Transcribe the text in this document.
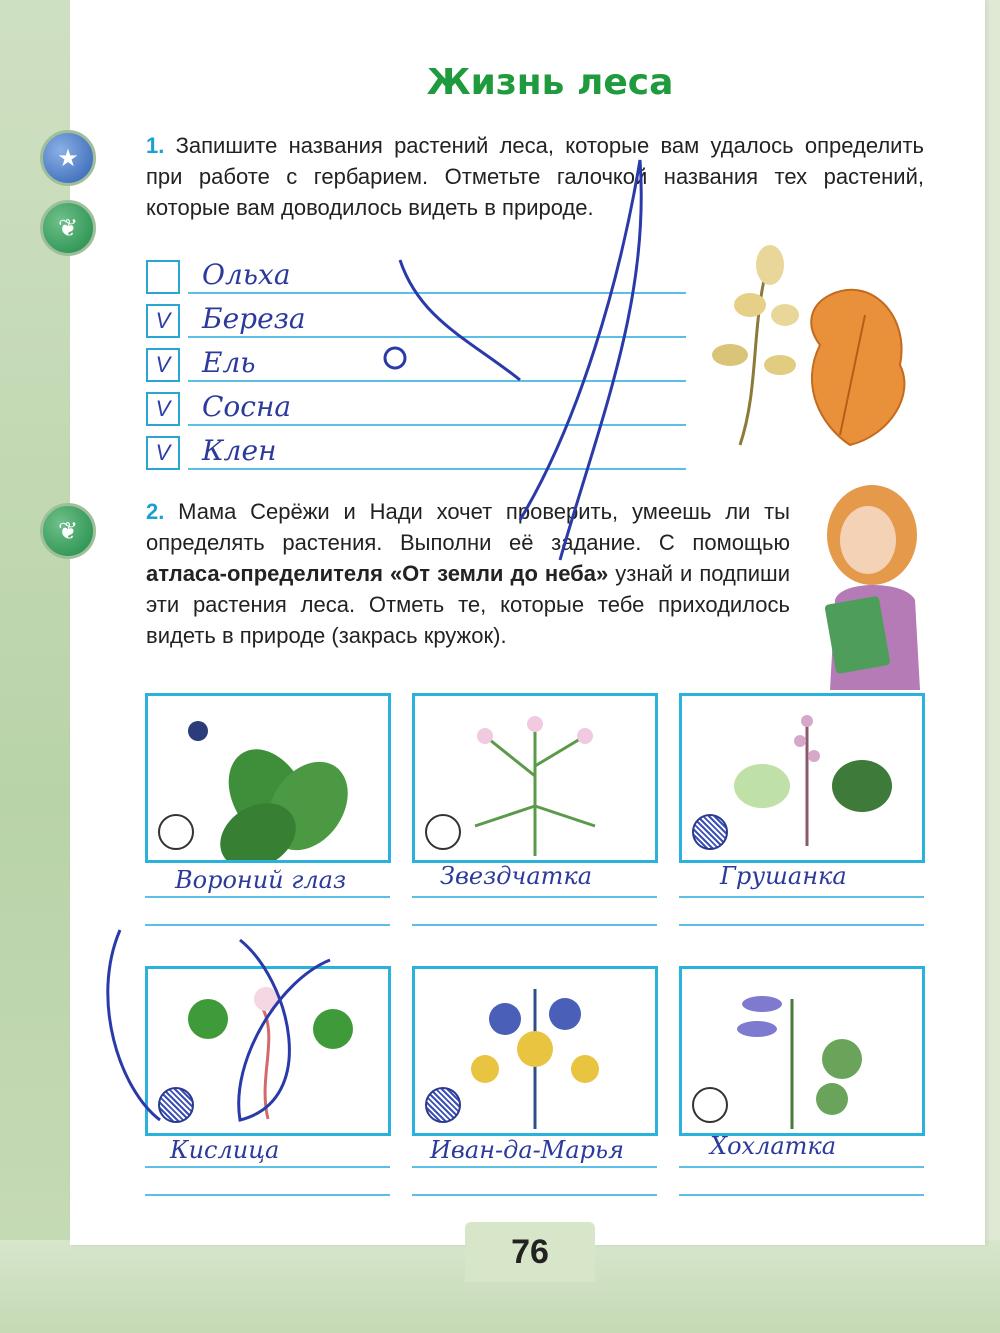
★
❦
❦
Жизнь леса
1. Запишите названия растений леса, которые вам удалось определить при работе с гербарием. Отметьте галочкой названия тех растений, которые вам доводилось видеть в природе.
Ольха
V	Береза
V	Ель
V	Сосна
V	Клен
2. Мама Серёжи и Нади хочет проверить, умеешь ли ты определять растения. Выполни её задание. С помощью атласа-определителя «От земли до неба» узнай и подпиши эти растения леса. Отметь те, которые тебе приходилось видеть в природе (закрась кружок).
Вороний глаз	Звездчатка	Грушанка
Кислица	Иван-да-Марья	Хохлатка
76
